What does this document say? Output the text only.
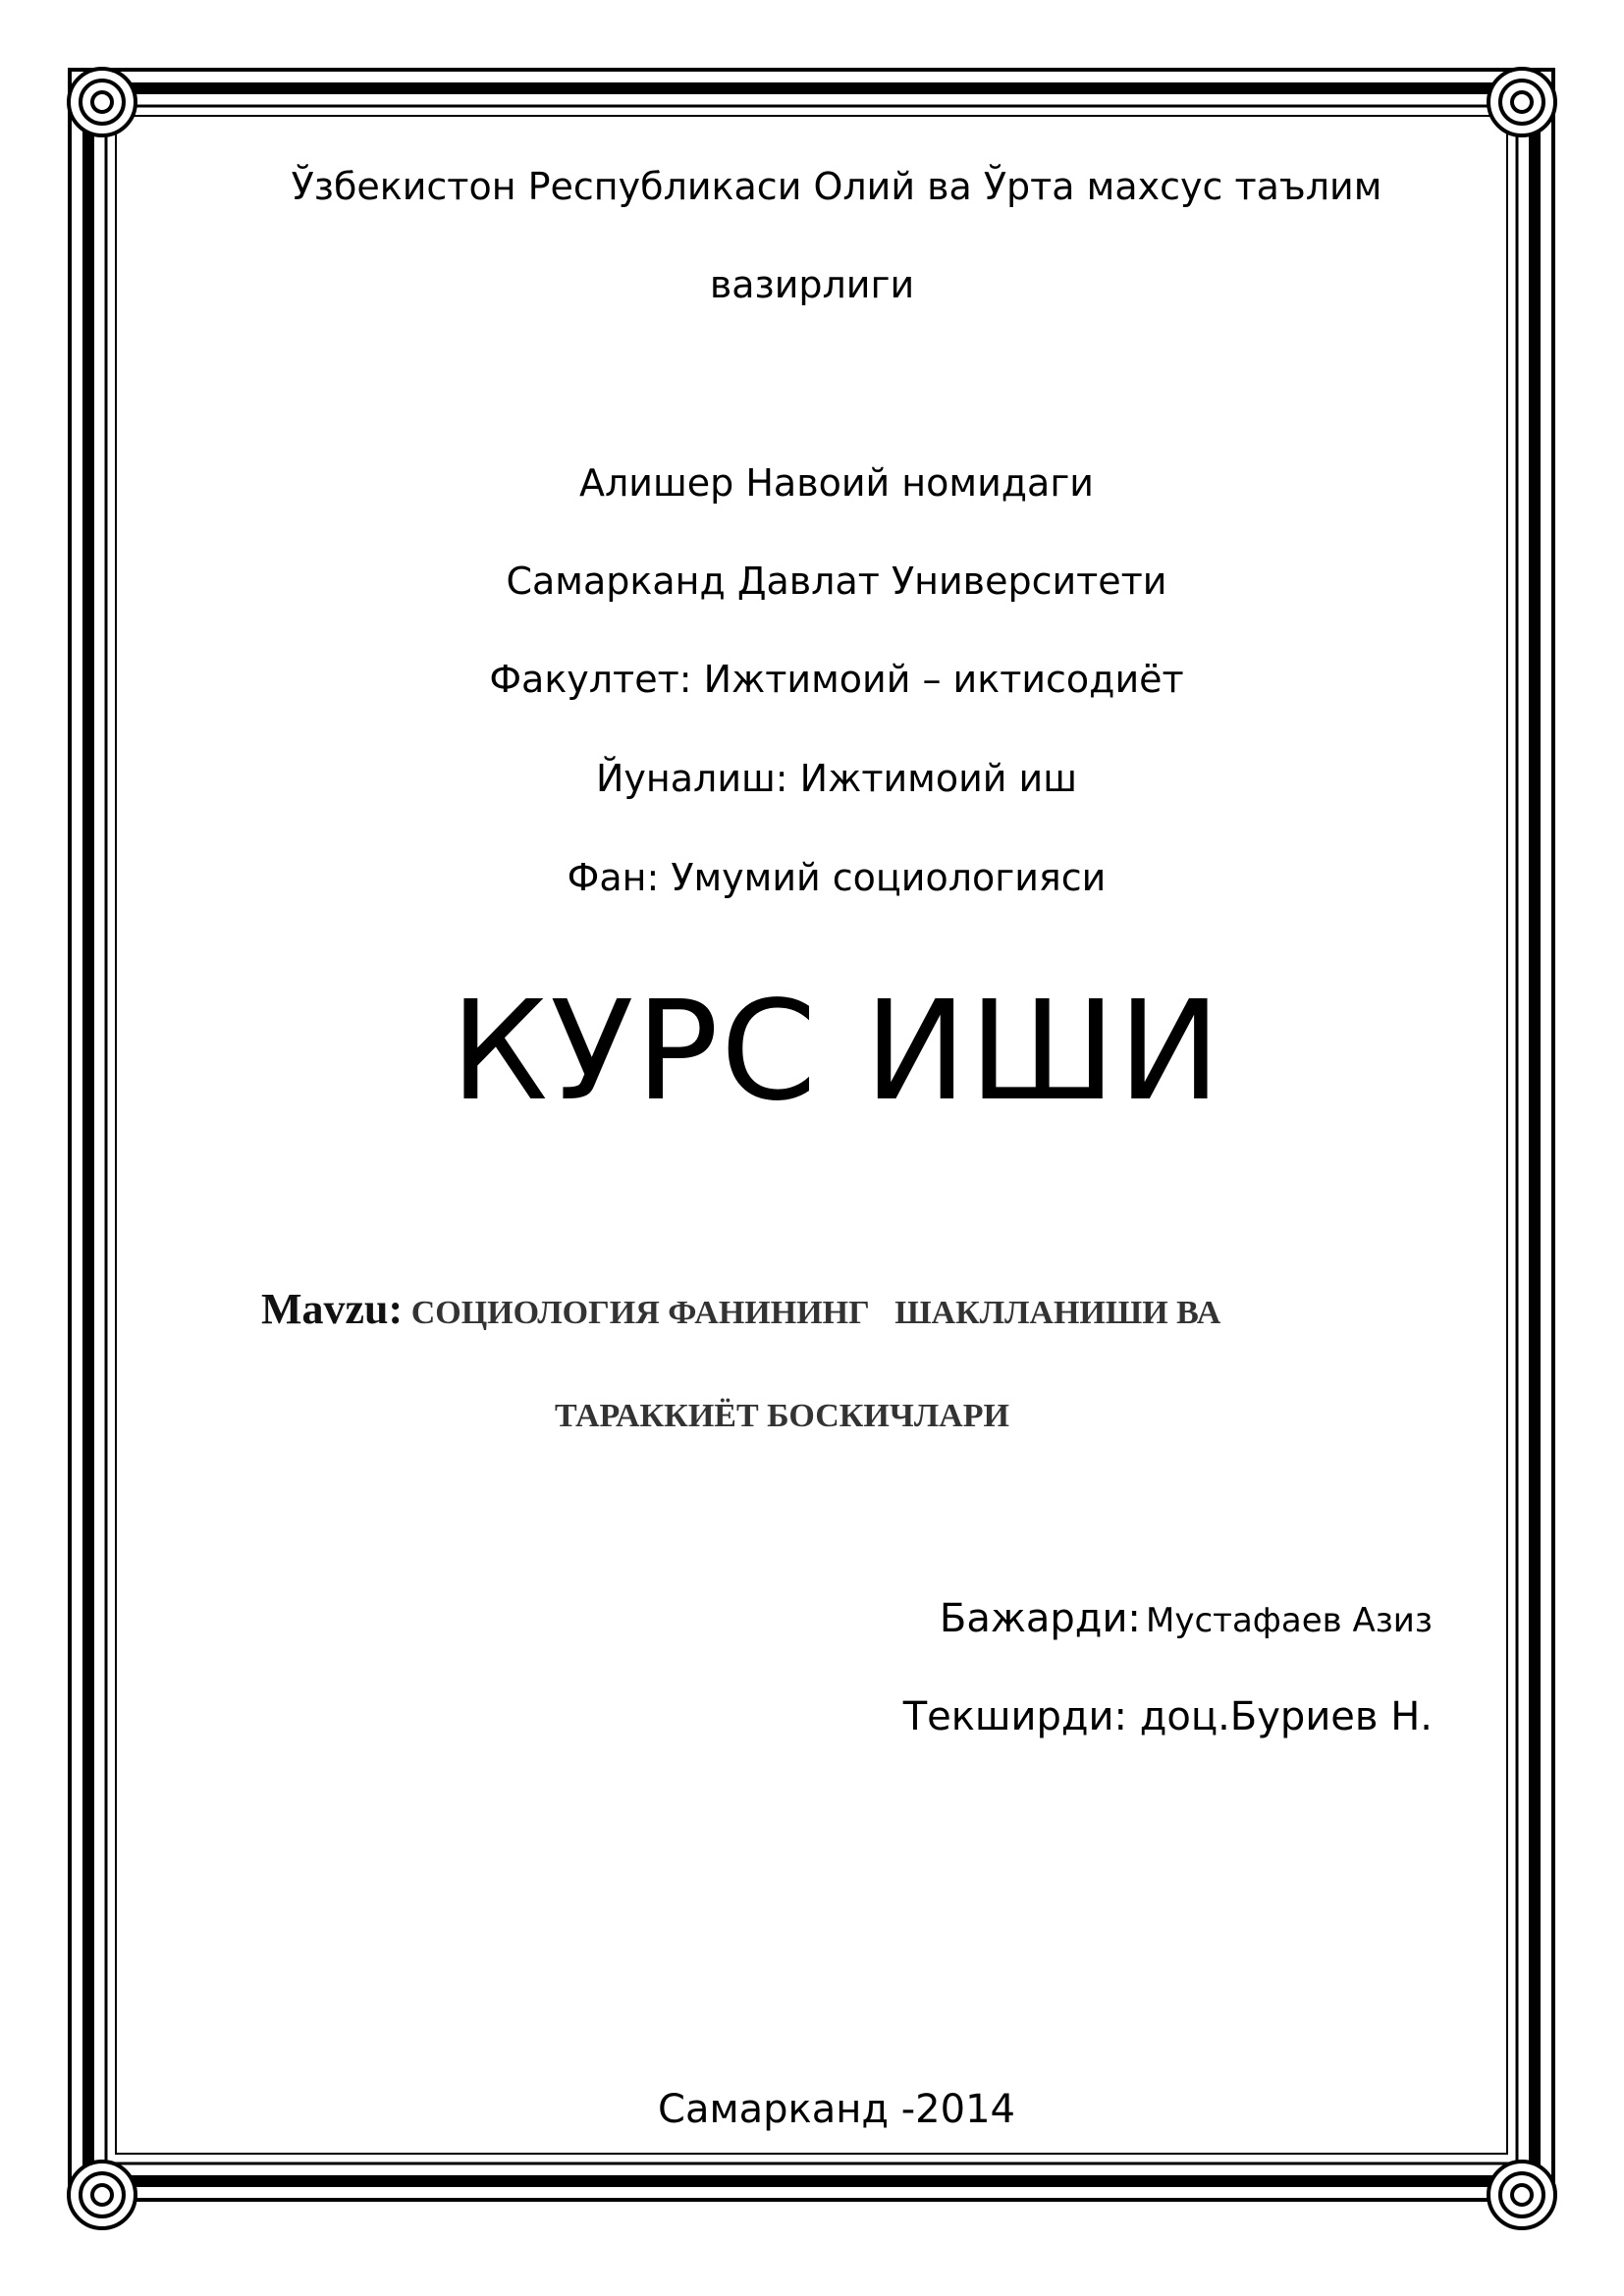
Ўзбекистон Республикаси Олий ва Ўрта махсус таълим
вазирлиги
Алишер Навоий номидаги
Самарканд Давлат Университети
Факултет: Ижтимоий – иктисодиёт
Йуналиш: Ижтимоий иш
Фан: Умумий социологияси
КУРС ИШИ
Mavzu: СОЦИОЛОГИЯ ФАНИНИНГ   ШАКЛЛАНИШИ ВА
ТАРАККИЁТ БОСКИЧЛАРИ
Бажарди: Мустафаев Азиз
Текширди: доц.Буриев Н.
Самарканд -2014
